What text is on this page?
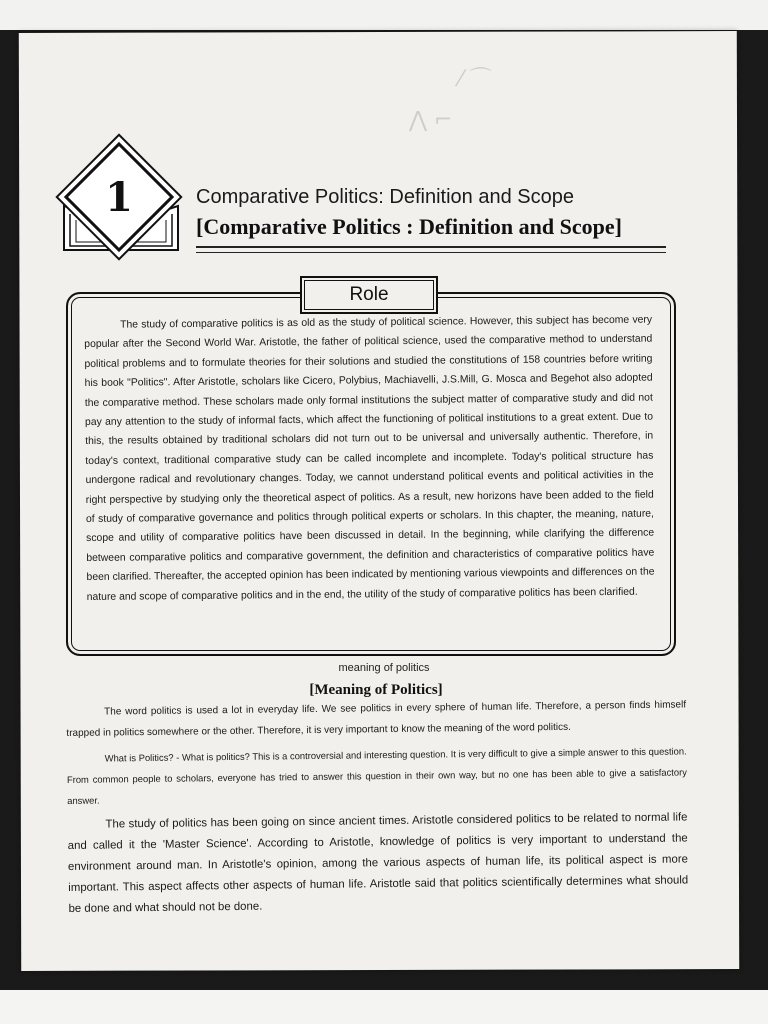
⁄ ⌒
⋀ ⌐
1	Comparative Politics: Definition and Scope
[Comparative Politics : Definition and Scope]
Role
The study of comparative politics is as old as the study of political science. However, this subject has become very popular after the Second World War. Aristotle, the father of political science, used the comparative method to understand political problems and to formulate theories for their solutions and studied the constitutions of 158 countries before writing his book "Politics". After Aristotle, scholars like Cicero, Polybius, Machiavelli, J.S.Mill, G. Mosca and Begehot also adopted the comparative method. These scholars made only formal institutions the subject matter of comparative study and did not pay any attention to the study of informal facts, which affect the functioning of political institutions to a great extent. Due to this, the results obtained by traditional scholars did not turn out to be universal and universally authentic. Therefore, in today's context, traditional comparative study can be called incomplete and incomplete. Today's political structure has undergone radical and revolutionary changes. Today, we cannot understand political events and political activities in the right perspective by studying only the theoretical aspect of politics. As a result, new horizons have been added to the field of study of comparative governance and politics through political experts or scholars. In this chapter, the meaning, nature, scope and utility of comparative politics have been discussed in detail. In the beginning, while clarifying the difference between comparative politics and comparative government, the definition and characteristics of comparative politics have been clarified. Thereafter, the accepted opinion has been indicated by mentioning various viewpoints and differences on the nature and scope of comparative politics and in the end, the utility of the study of comparative politics has been clarified.
meaning of politics
[Meaning of Politics]

The word politics is used a lot in everyday life. We see politics in every sphere of human life. Therefore, a person finds himself trapped in politics somewhere or the other. Therefore, it is very important to know the meaning of the word politics.

What is Politics? - What is politics? This is a controversial and interesting question. It is very difficult to give a simple answer to this question. From common people to scholars, everyone has tried to answer this question in their own way, but no one has been able to give a satisfactory answer.

The study of politics has been going on since ancient times. Aristotle considered politics to be related to normal life and called it the 'Master Science'. According to Aristotle, knowledge of politics is very important to understand the environment around man. In Aristotle's opinion, among the various aspects of human life, its political aspect is more important. This aspect affects other aspects of human life. Aristotle said that politics scientifically determines what should be done and what should not be done.
